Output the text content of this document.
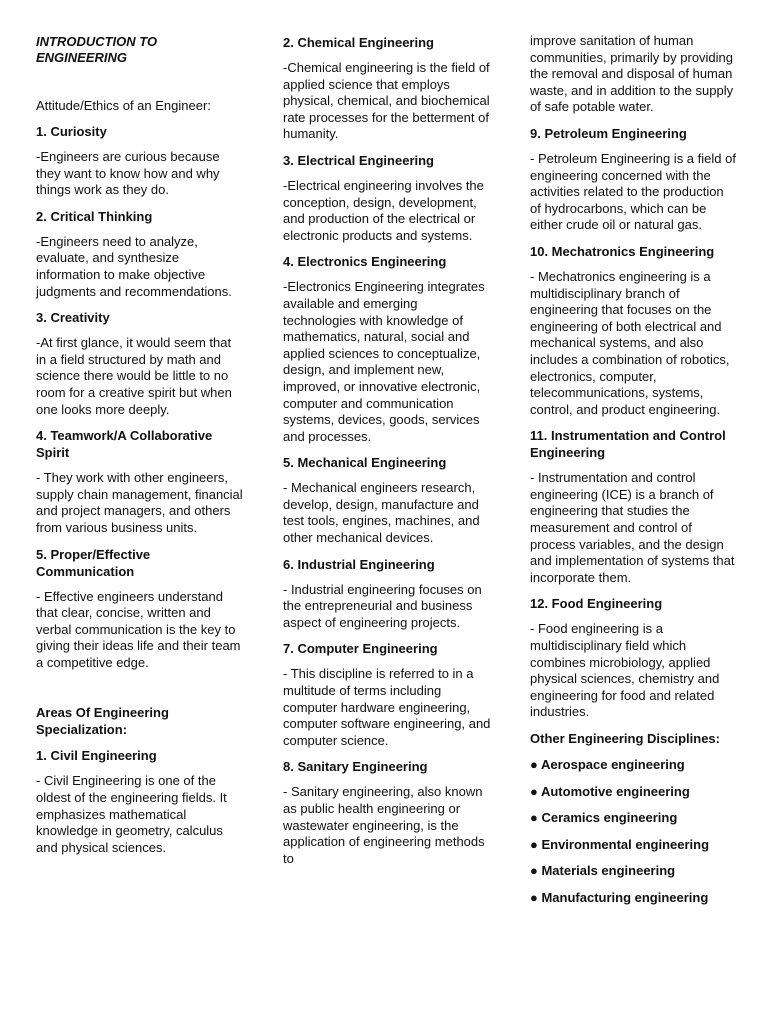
INTRODUCTION TO ENGINEERING
Attitude/Ethics of an Engineer:
1. Curiosity
-Engineers are curious because they want to know how and why things work as they do.
2. Critical Thinking
-Engineers need to analyze, evaluate, and synthesize information to make objective judgments and recommendations.
3. Creativity
-At first glance, it would seem that in a field structured by math and science there would be little to no room for a creative spirit but when one looks more deeply.
4. Teamwork/A Collaborative Spirit
- They work with other engineers, supply chain management, financial and project managers, and others from various business units.
5. Proper/Effective Communication
- Effective engineers understand that clear, concise, written and verbal communication is the key to giving their ideas life and their team a competitive edge.
Areas Of Engineering Specialization:
1. Civil Engineering
- Civil Engineering is one of the oldest of the engineering fields. It emphasizes mathematical knowledge in geometry, calculus and physical sciences.
2. Chemical Engineering
-Chemical engineering is the field of applied science that employs physical, chemical, and biochemical rate processes for the betterment of humanity.
3. Electrical Engineering
-Electrical engineering involves the conception, design, development, and production of the electrical or electronic products and systems.
4. Electronics Engineering
-Electronics Engineering integrates available and emerging technologies with knowledge of mathematics, natural, social and applied sciences to conceptualize, design, and implement new, improved, or innovative electronic, computer and communication systems, devices, goods, services and processes.
5. Mechanical Engineering
- Mechanical engineers research, develop, design, manufacture and test tools, engines, machines, and other mechanical devices.
6. Industrial Engineering
- Industrial engineering focuses on the entrepreneurial and business aspect of engineering projects.
7. Computer Engineering
- This discipline is referred to in a multitude of terms including computer hardware engineering, computer software engineering, and computer science.
8. Sanitary Engineering
- Sanitary engineering, also known as public health engineering or wastewater engineering, is the application of engineering methods to
improve sanitation of human communities, primarily by providing the removal and disposal of human waste, and in addition to the supply of safe potable water.
9. Petroleum Engineering
- Petroleum Engineering is a field of engineering concerned with the activities related to the production of hydrocarbons, which can be either crude oil or natural gas.
10. Mechatronics Engineering
- Mechatronics engineering is a multidisciplinary branch of engineering that focuses on the engineering of both electrical and mechanical systems, and also includes a combination of robotics, electronics, computer, telecommunications, systems, control, and product engineering.
11. Instrumentation and Control Engineering
- Instrumentation and control engineering (ICE) is a branch of engineering that studies the measurement and control of process variables, and the design and implementation of systems that incorporate them.
12. Food Engineering
- Food engineering is a multidisciplinary field which combines microbiology, applied physical sciences, chemistry and engineering for food and related industries.
Other Engineering Disciplines:
● Aerospace engineering
● Automotive engineering
● Ceramics engineering
● Environmental engineering
● Materials engineering
● Manufacturing engineering
